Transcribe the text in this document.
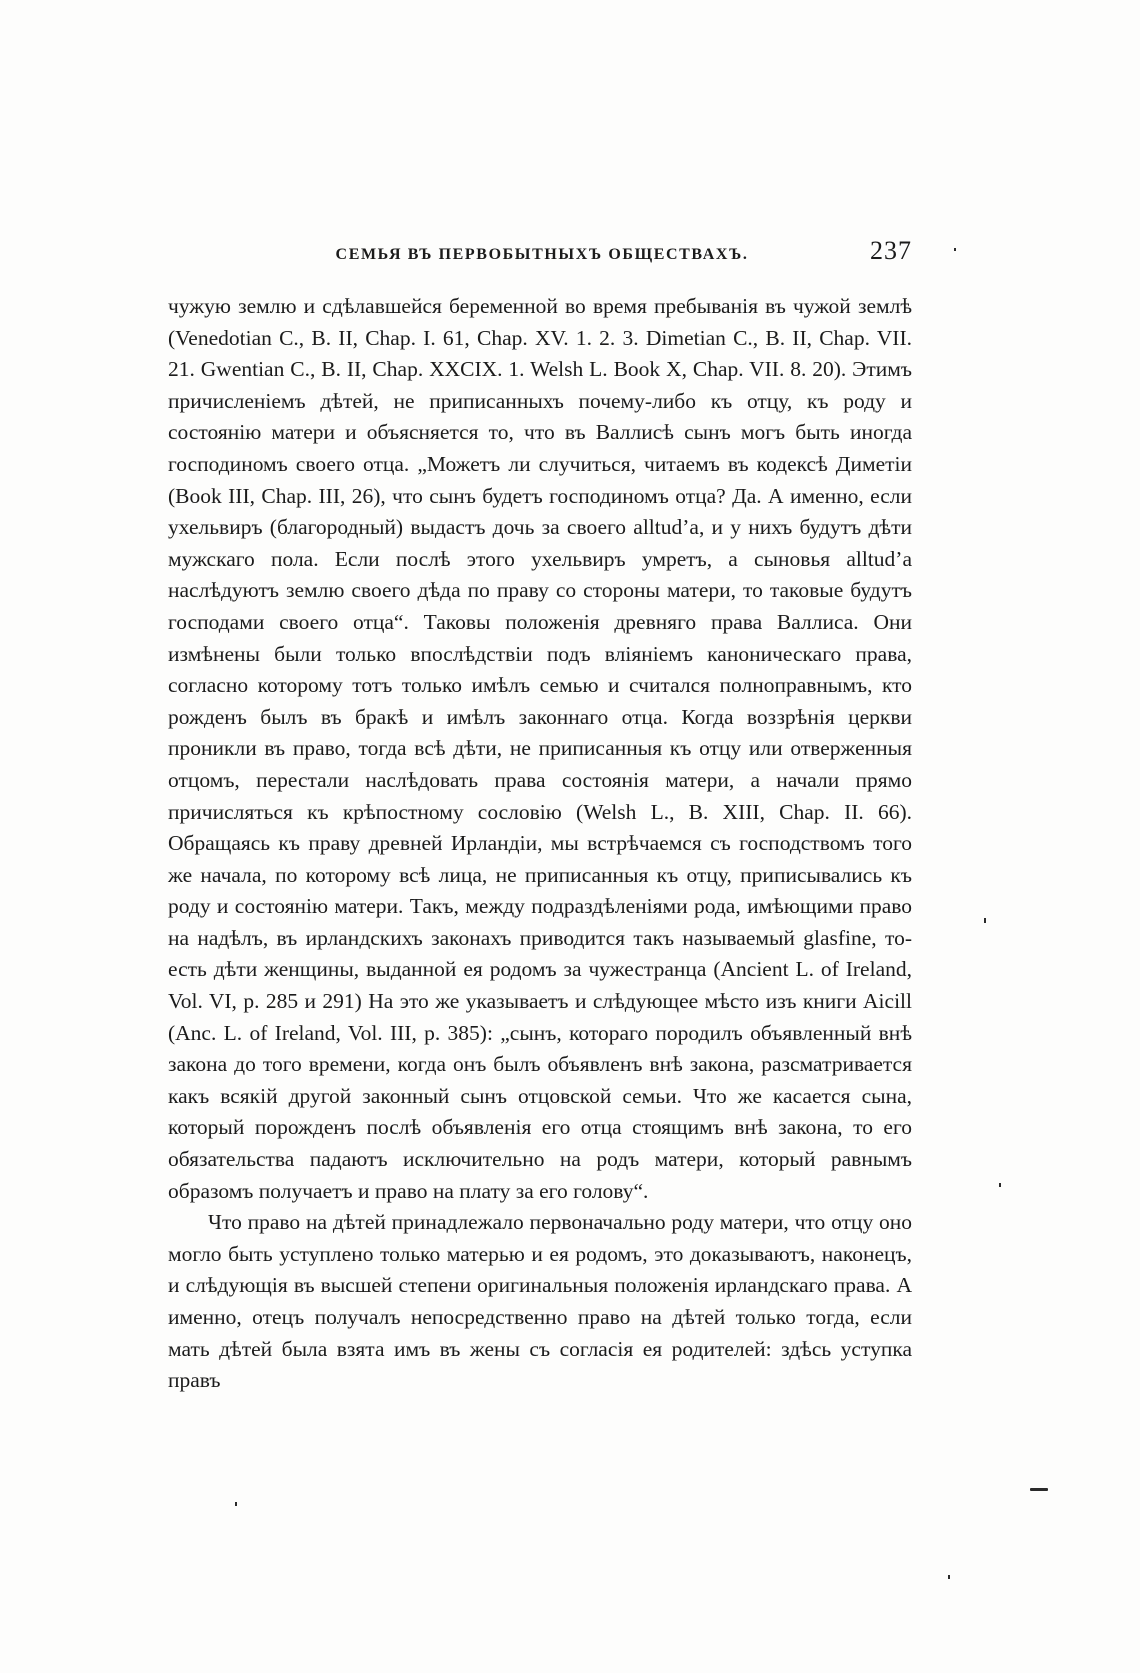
СЕМЬЯ ВЪ ПЕРВОБЫТНЫХЪ ОБЩЕСТВАХЪ.	237

чужую землю и сдѣлавшейся беременной во время пребыванія въ чужой землѣ (Venedotian C., B. II, Chap. I. 61, Chap. XV. 1. 2. 3. Dimetian C., B. II, Chap. VII. 21. Gwentian C., B. II, Chap. XXCIX. 1. Welsh L. Book X, Chap. VII. 8. 20). Этимъ причисленіемъ дѣтей, не приписанныхъ почему-либо къ отцу, къ роду и состоянію матери и объясняется то, что въ Валлисѣ сынъ могъ быть иногда господиномъ своего отца. „Можетъ ли случиться, читаемъ въ кодексѣ Диметіи (Book III, Chap. III, 26), что сынъ будетъ господиномъ отца? Да. А именно, если ухельвиръ (благородный) выдастъ дочь за своего alltud’a, и у нихъ будутъ дѣти мужскаго пола. Если послѣ этого ухельвиръ умретъ, а сыновья alltud’a наслѣдуютъ землю своего дѣда по праву со стороны матери, то таковые будутъ господами своего отца“. Таковы положенія древняго права Валлиса. Они измѣнены были только впослѣдствіи подъ вліяніемъ каноническаго права, согласно которому тотъ только имѣлъ семью и считался полноправнымъ, кто рожденъ былъ въ бракѣ и имѣлъ законнаго отца. Когда воззрѣнія церкви проникли въ право, тогда всѣ дѣти, не приписанныя къ отцу или отверженныя отцомъ, перестали наслѣдовать права состоянія матери, а начали прямо причисляться къ крѣпостному сословію (Welsh L., B. XIII, Chap. II. 66). Обращаясь къ праву древней Ирландіи, мы встрѣчаемся съ господствомъ того же начала, по которому всѣ лица, не приписанныя къ отцу, приписывались къ роду и состоянію матери. Такъ, между подраздѣленіями рода, имѣющими право на надѣлъ, въ ирландскихъ законахъ приводится такъ называемый glasfine, то-есть дѣти женщины, выданной ея родомъ за чужестранца (Ancient L. of Ireland, Vol. VI, p. 285 и 291) На это же указываетъ и слѣдующее мѣсто изъ книги Aicill (Anc. L. of Ireland, Vol. III, p. 385): „сынъ, котораго породилъ объявленный внѣ закона до того времени, когда онъ былъ объявленъ внѣ закона, разсматривается какъ всякій другой законный сынъ отцовской семьи. Что же касается сына, который порожденъ послѣ объявленія его отца стоящимъ внѣ закона, то его обязательства падаютъ исключительно на родъ матери, который равнымъ образомъ получаетъ и право на плату за его голову“.

Что право на дѣтей принадлежало первоначально роду матери, что отцу оно могло быть уступлено только матерью и ея родомъ, это доказываютъ, наконецъ, и слѣдующія въ высшей степени оригинальныя положенія ирландскаго права. А именно, отецъ получалъ непосредственно право на дѣтей только тогда, если мать дѣтей была взята имъ въ жены съ согласія ея родителей: здѣсь уступка правъ
